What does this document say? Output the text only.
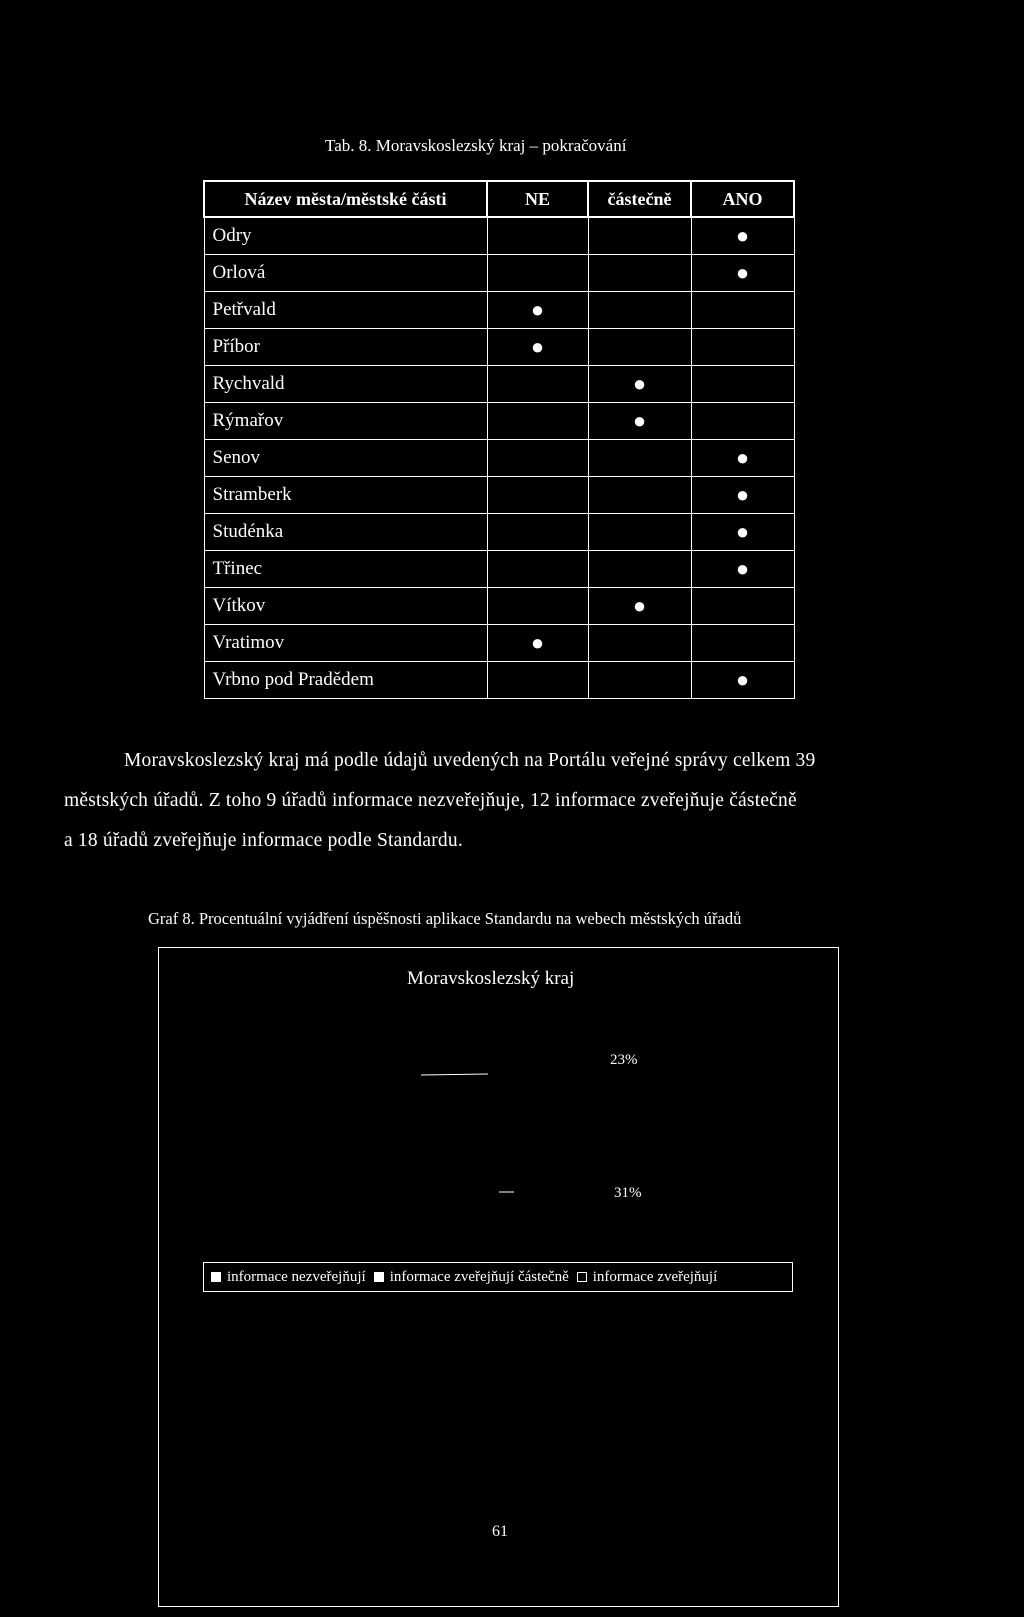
Tab. 8. Moravskoslezský kraj – pokračování
Název města/městské části	NE	částečně	ANO
Odry			●
Orlová			●
Petřvald	●		
Příbor	●		
Rychvald		●	
Rýmařov		●	
Senov			●
Stramberk			●
Studénka			●
Třinec			●
Vítkov		●	
Vratimov	●		
Vrbno pod Pradědem			●
Moravskoslezský kraj má podle údajů uvedených na Portálu veřejné správy celkem 39
městských úřadů. Z toho 9 úřadů informace nezveřejňuje, 12 informace zveřejňuje částečně
a 18 úřadů zveřejňuje informace podle Standardu.
Graf 8. Procentuální vyjádření úspěšnosti aplikace Standardu na webech městských úřadů
Moravskoslezský kraj
23%
31%
informace nezveřejňují informace zveřejňují částečně informace zveřejňují
61
